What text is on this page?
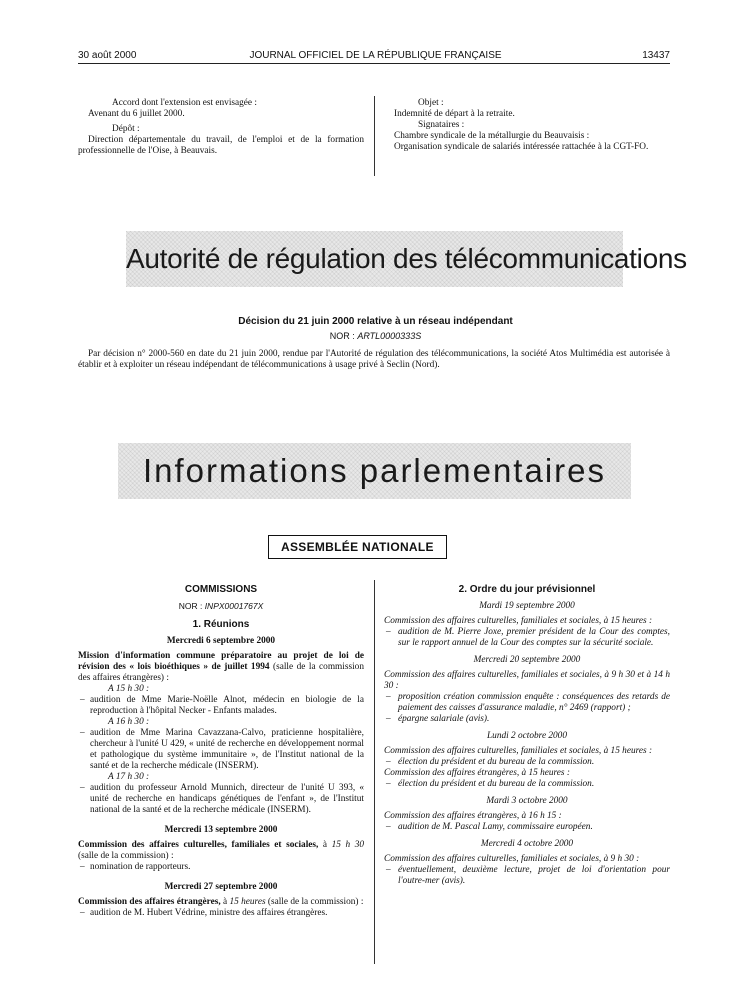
30 août 2000	JOURNAL OFFICIEL DE LA RÉPUBLIQUE FRANÇAISE	13437
Accord dont l'extension est envisagée :
Avenant du 6 juillet 2000.
Dépôt :
Direction départementale du travail, de l'emploi et de la formation professionnelle de l'Oise, à Beauvais.
Objet :
Indemnité de départ à la retraite.
Signataires :
Chambre syndicale de la métallurgie du Beauvaisis :
Organisation syndicale de salariés intéressée rattachée à la CGT-FO.
Autorité de régulation des télécommunications
Décision du 21 juin 2000 relative à un réseau indépendant
NOR : ARTL0000333S
Par décision n° 2000-560 en date du 21 juin 2000, rendue par l'Autorité de régulation des télécommunications, la société Atos Multimédia est autorisée à établir et à exploiter un réseau indépendant de télécommunications à usage privé à Seclin (Nord).
Informations parlementaires
ASSEMBLÉE NATIONALE
COMMISSIONS
NOR : INPX0001767X
1. Réunions
Mercredi 6 septembre 2000
Mission d'information commune préparatoire au projet de loi de révision des « lois bioéthiques » de juillet 1994 (salle de la commission des affaires étrangères) :
A 15 h 30 :
– audition de Mme Marie-Noëlle Alnot, médecin en biologie de la reproduction à l'hôpital Necker - Enfants malades.
A 16 h 30 :
– audition de Mme Marina Cavazzana-Calvo, praticienne hospitalière, chercheur à l'unité U 429, « unité de recherche en développement normal et pathologique du système immunitaire », de l'Institut national de la santé et de la recherche médicale (INSERM).
A 17 h 30 :
– audition du professeur Arnold Munnich, directeur de l'unité U 393, « unité de recherche en handicaps génétiques de l'enfant », de l'Institut national de la santé et de la recherche médicale (INSERM).
Mercredi 13 septembre 2000
Commission des affaires culturelles, familiales et sociales, à 15 h 30 (salle de la commission) :
– nomination de rapporteurs.
Mercredi 27 septembre 2000
Commission des affaires étrangères, à 15 heures (salle de la commission) :
– audition de M. Hubert Védrine, ministre des affaires étrangères.
2. Ordre du jour prévisionnel
Mardi 19 septembre 2000
Commission des affaires culturelles, familiales et sociales, à 15 heures :
– audition de M. Pierre Joxe, premier président de la Cour des comptes, sur le rapport annuel de la Cour des comptes sur la sécurité sociale.
Mercredi 20 septembre 2000
Commission des affaires culturelles, familiales et sociales, à 9 h 30 et à 14 h 30 :
– proposition création commission enquête : conséquences des retards de paiement des caisses d'assurance maladie, n° 2469 (rapport) ;
– épargne salariale (avis).
Lundi 2 octobre 2000
Commission des affaires culturelles, familiales et sociales, à 15 heures :
– élection du président et du bureau de la commission.
Commission des affaires étrangères, à 15 heures :
– élection du président et du bureau de la commission.
Mardi 3 octobre 2000
Commission des affaires étrangères, à 16 h 15 :
– audition de M. Pascal Lamy, commissaire européen.
Mercredi 4 octobre 2000
Commission des affaires culturelles, familiales et sociales, à 9 h 30 :
– éventuellement, deuxième lecture, projet de loi d'orientation pour l'outre-mer (avis).
